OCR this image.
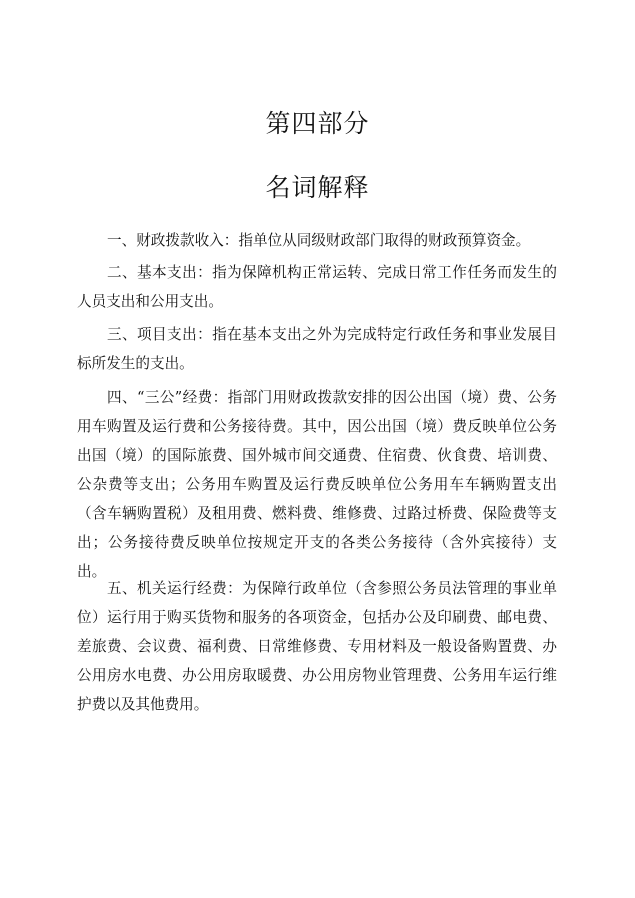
第四部分
名词解释

一、财政拨款收入：指单位从同级财政部门取得的财政预算资金。

二、基本支出：指为保障机构正常运转、完成日常工作任务而发生的人员支出和公用支出。

三、项目支出：指在基本支出之外为完成特定行政任务和事业发展目标所发生的支出。

四、“三公”经费：指部门用财政拨款安排的因公出国（境）费、公务用车购置及运行费和公务接待费。其中，因公出国（境）费反映单位公务出国（境）的国际旅费、国外城市间交通费、住宿费、伙食费、培训费、公杂费等支出；公务用车购置及运行费反映单位公务用车车辆购置支出（含车辆购置税）及租用费、燃料费、维修费、过路过桥费、保险费等支出；公务接待费反映单位按规定开支的各类公务接待（含外宾接待）支出。

五、机关运行经费：为保障行政单位（含参照公务员法管理的事业单位）运行用于购买货物和服务的各项资金，包括办公及印刷费、邮电费、差旅费、会议费、福利费、日常维修费、专用材料及一般设备购置费、办公用房水电费、办公用房取暖费、办公用房物业管理费、公务用车运行维护费以及其他费用。
